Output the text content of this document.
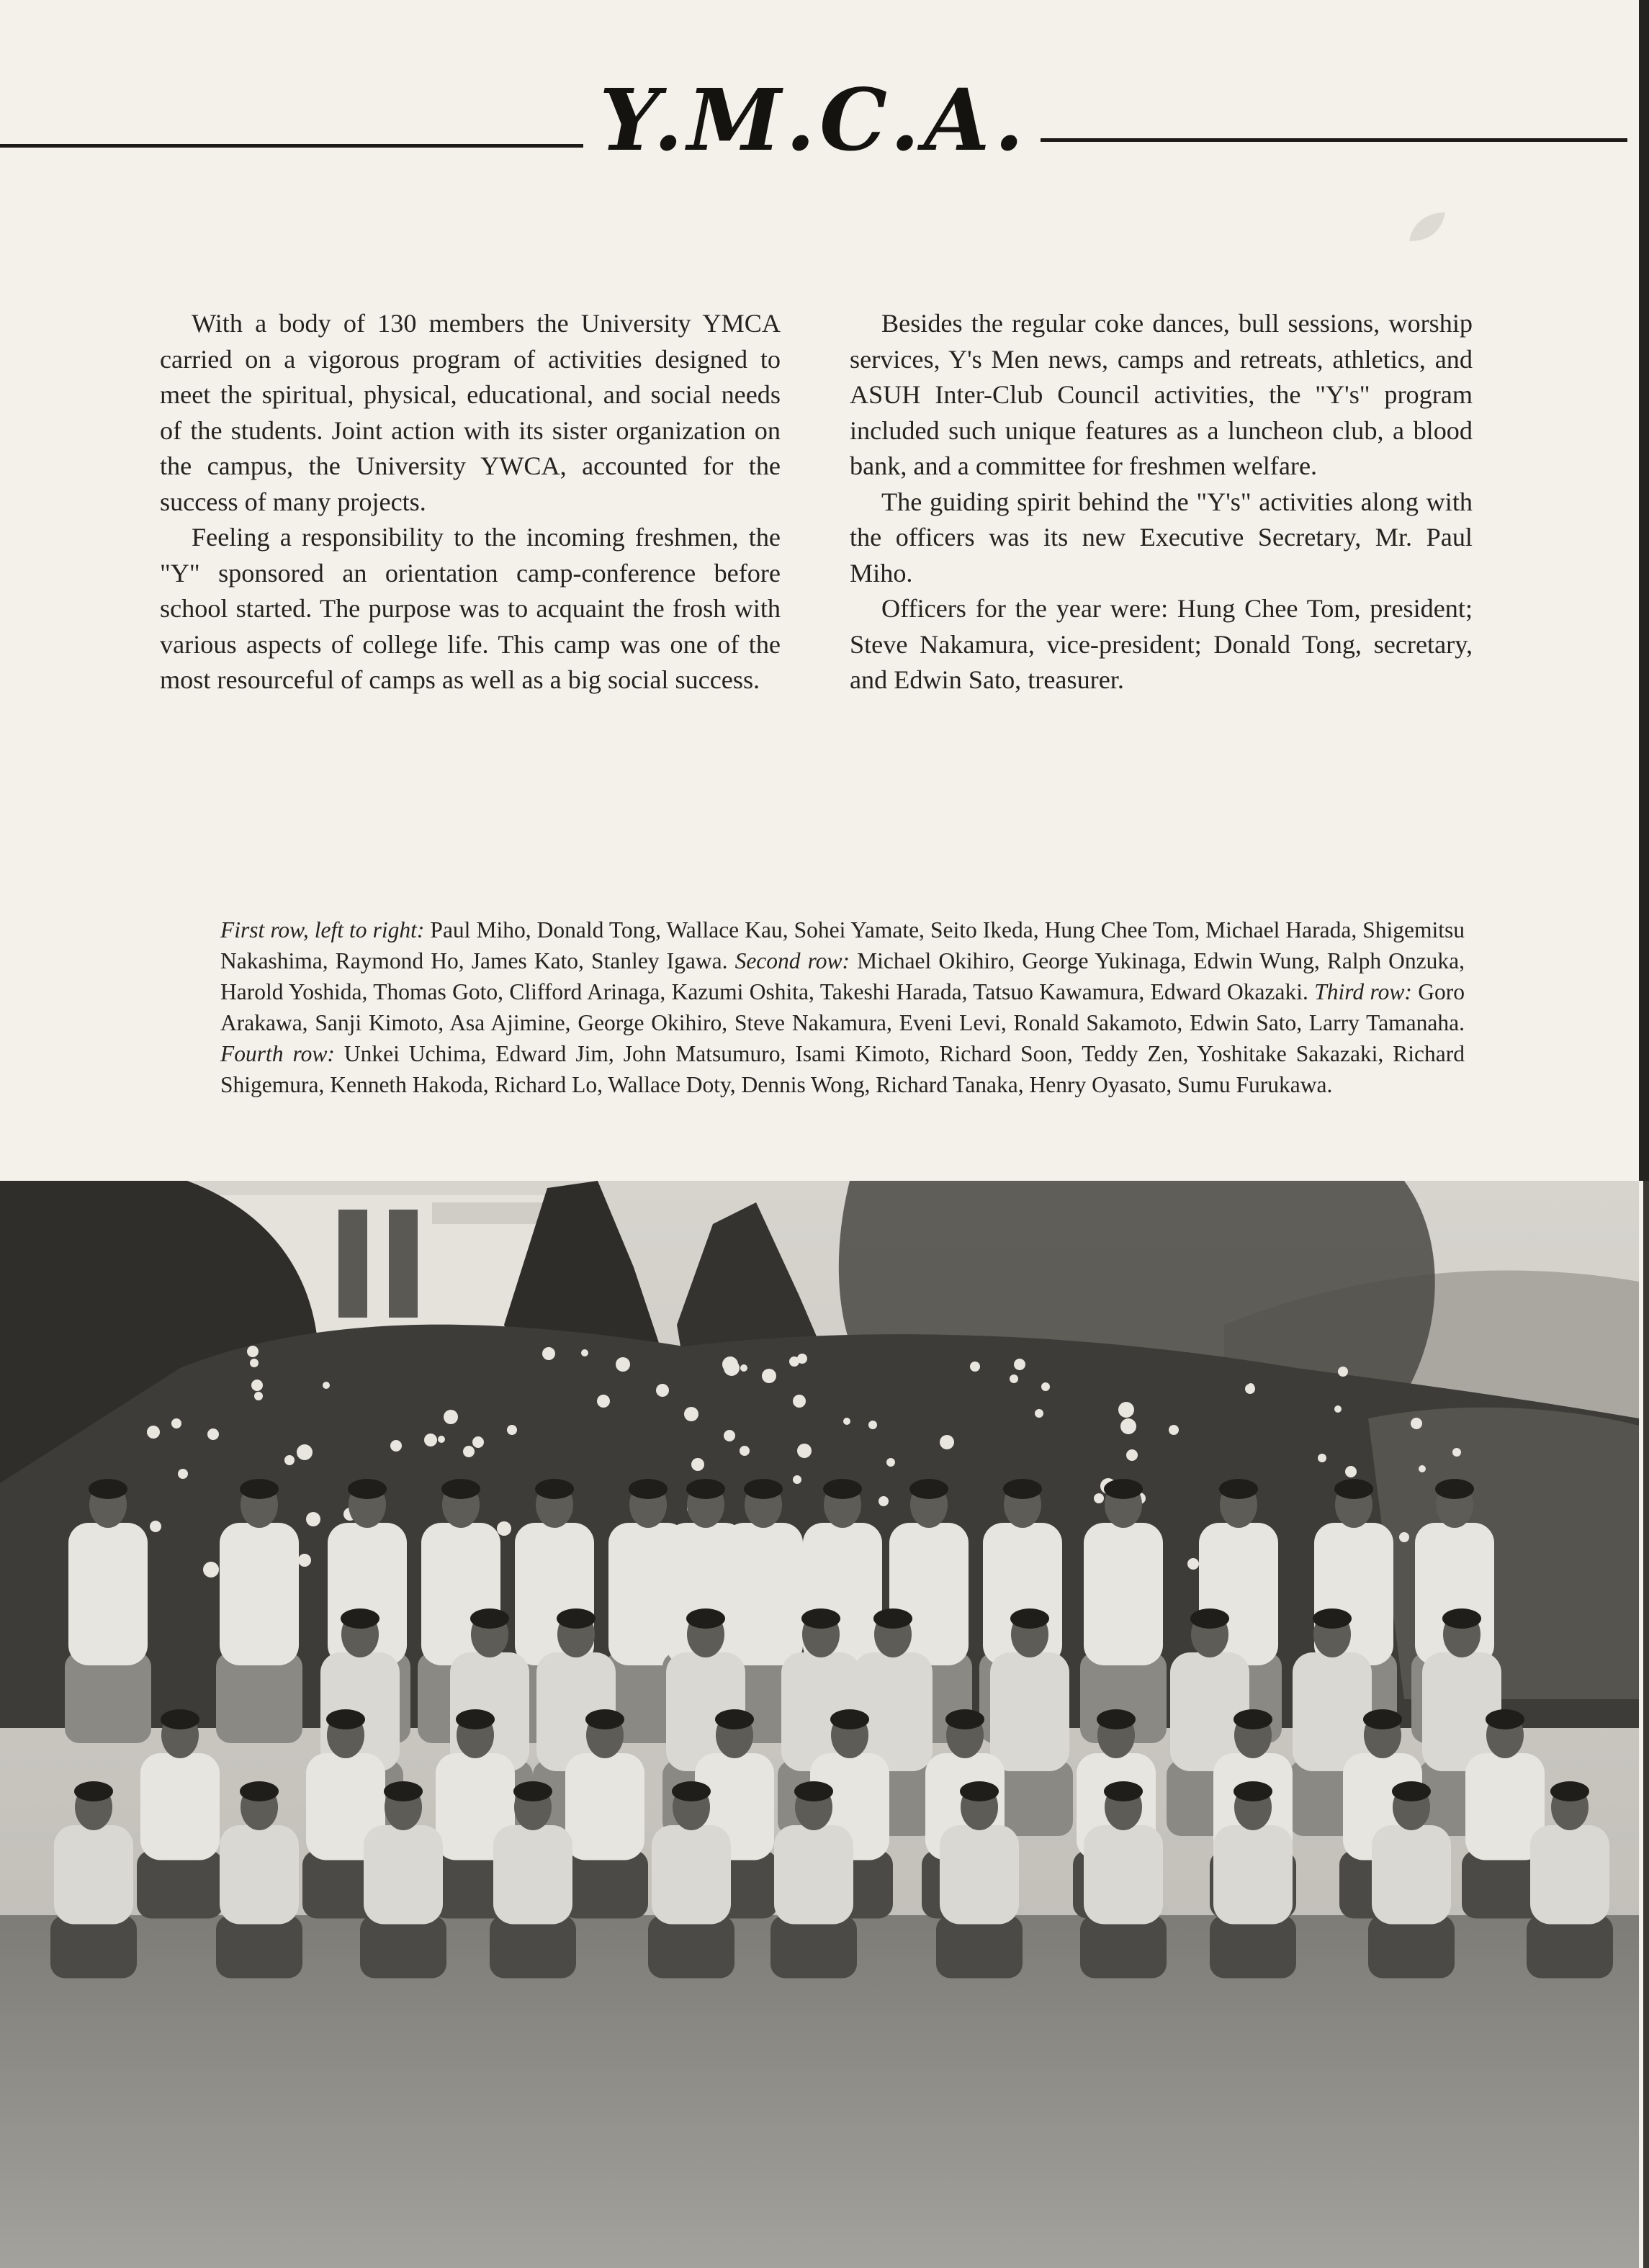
Y.M.C.A.

With a body of 130 members the University YMCA carried on a vigorous program of activities designed to meet the spiritual, physical, educational, and social needs of the students. Joint action with its sister organization on the campus, the University YWCA, accounted for the success of many projects.

Feeling a responsibility to the incoming freshmen, the "Y" sponsored an orientation camp-conference before school started. The purpose was to acquaint the frosh with various aspects of college life. This camp was one of the most resourceful of camps as well as a big social success.

Besides the regular coke dances, bull sessions, worship services, Y's Men news, camps and retreats, athletics, and ASUH Inter-Club Council activities, the "Y's" program included such unique features as a luncheon club, a blood bank, and a committee for freshmen welfare.

The guiding spirit behind the "Y's" activities along with the officers was its new Executive Secretary, Mr. Paul Miho.

Officers for the year were: Hung Chee Tom, president; Steve Nakamura, vice-president; Donald Tong, secretary, and Edwin Sato, treasurer.

First row, left to right: Paul Miho, Donald Tong, Wallace Kau, Sohei Yamate, Seito Ikeda, Hung Chee Tom, Michael Harada, Shigemitsu Nakashima, Raymond Ho, James Kato, Stanley Igawa. Second row: Michael Okihiro, George Yukinaga, Edwin Wung, Ralph Onzuka, Harold Yoshida, Thomas Goto, Clifford Arinaga, Kazumi Oshita, Takeshi Harada, Tatsuo Kawamura, Edward Okazaki. Third row: Goro Arakawa, Sanji Kimoto, Asa Ajimine, George Okihiro, Steve Nakamura, Eveni Levi, Ronald Sakamoto, Edwin Sato, Larry Tamanaha. Fourth row: Unkei Uchima, Edward Jim, John Matsumuro, Isami Kimoto, Richard Soon, Teddy Zen, Yoshitake Sakazaki, Richard Shigemura, Kenneth Hakoda, Richard Lo, Wallace Doty, Dennis Wong, Richard Tanaka, Henry Oyasato, Sumu Furukawa.
